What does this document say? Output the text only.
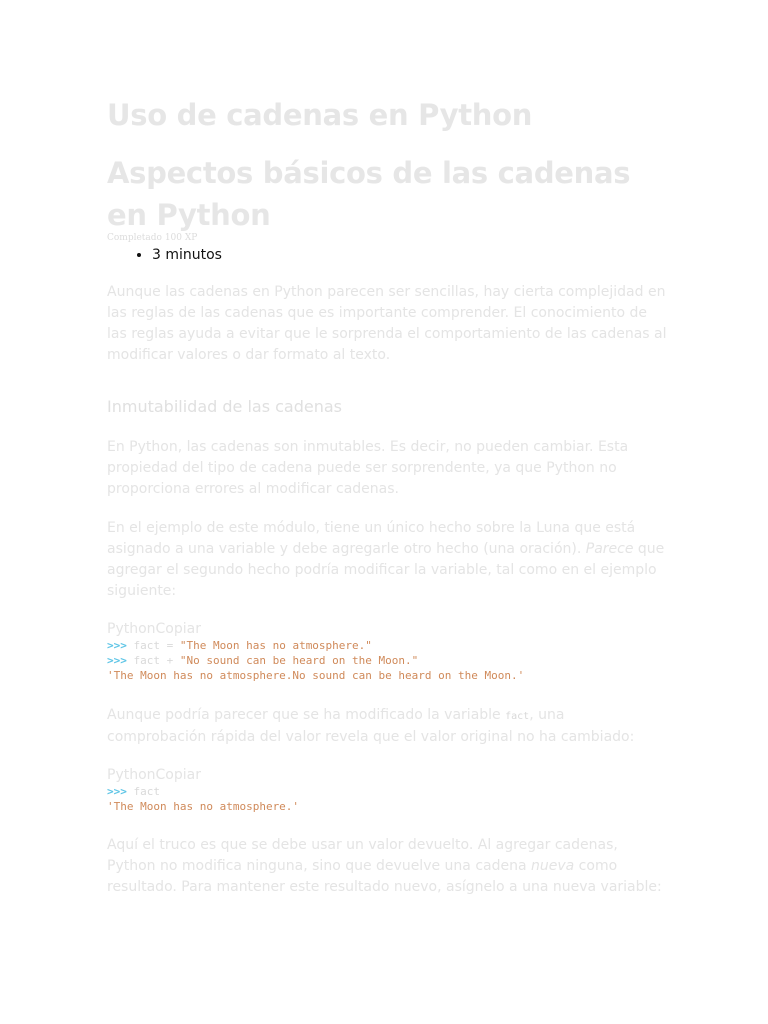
Uso de cadenas en Python
Aspectos básicos de las cadenas en Python
Completado 100 XP
• 3 minutos

Aunque las cadenas en Python parecen ser sencillas, hay cierta complejidad en las reglas de las cadenas que es importante comprender. El conocimiento de las reglas ayuda a evitar que le sorprenda el comportamiento de las cadenas al modificar valores o dar formato al texto.

Inmutabilidad de las cadenas

En Python, las cadenas son inmutables. Es decir, no pueden cambiar. Esta propiedad del tipo de cadena puede ser sorprendente, ya que Python no proporciona errores al modificar cadenas.

En el ejemplo de este módulo, tiene un único hecho sobre la Luna que está asignado a una variable y debe agregarle otro hecho (una oración). Parece que agregar el segundo hecho podría modificar la variable, tal como en el ejemplo siguiente:

PythonCopiar
>>> fact = "The Moon has no atmosphere."
>>> fact + "No sound can be heard on the Moon."
'The Moon has no atmosphere.No sound can be heard on the Moon.'

Aunque podría parecer que se ha modificado la variable fact, una comprobación rápida del valor revela que el valor original no ha cambiado:

PythonCopiar
>>> fact
'The Moon has no atmosphere.'

Aquí el truco es que se debe usar un valor devuelto. Al agregar cadenas, Python no modifica ninguna, sino que devuelve una cadena nueva como resultado. Para mantener este resultado nuevo, asígnelo a una nueva variable:
